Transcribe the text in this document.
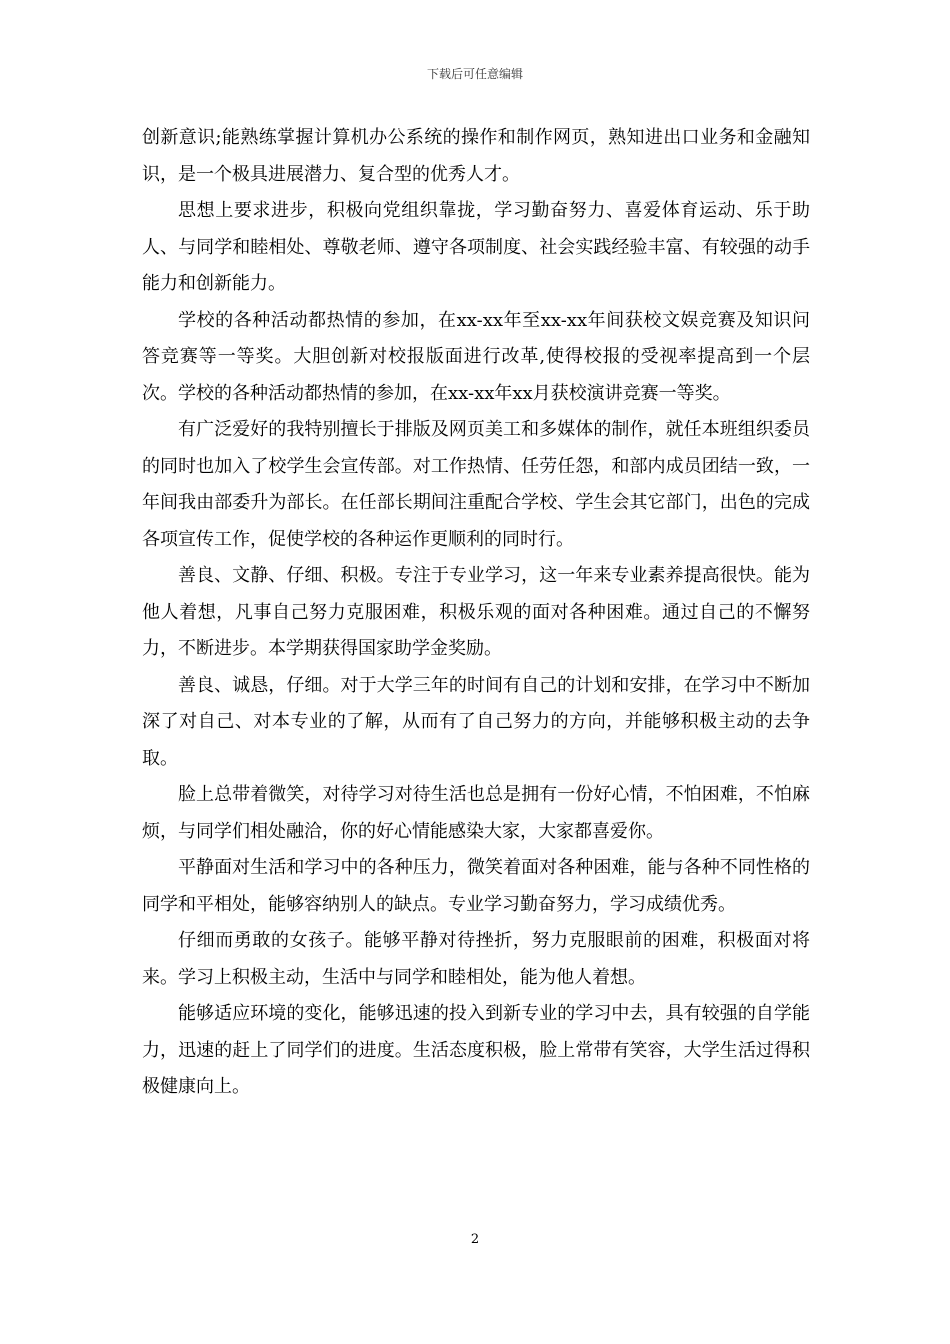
下载后可任意编辑

创新意识;能熟练掌握计算机办公系统的操作和制作网页，熟知进出口业务和金融知识，是一个极具进展潜力、复合型的优秀人才。

思想上要求进步，积极向党组织靠拢，学习勤奋努力、喜爱体育运动、乐于助人、与同学和睦相处、尊敬老师、遵守各项制度、社会实践经验丰富、有较强的动手能力和创新能力。

学校的各种活动都热情的参加，在xx-xx年至xx-xx年间获校文娱竞赛及知识问答竞赛等一等奖。大胆创新对校报版面进行改革,使得校报的受视率提高到一个层次。学校的各种活动都热情的参加，在xx-xx年xx月获校演讲竞赛一等奖。

有广泛爱好的我特别擅长于排版及网页美工和多媒体的制作，就任本班组织委员的同时也加入了校学生会宣传部。对工作热情、任劳任怨，和部内成员团结一致，一年间我由部委升为部长。在任部长期间注重配合学校、学生会其它部门，出色的完成各项宣传工作，促使学校的各种运作更顺利的同时行。

善良、文静、仔细、积极。专注于专业学习，这一年来专业素养提高很快。能为他人着想，凡事自己努力克服困难，积极乐观的面对各种困难。通过自己的不懈努力，不断进步。本学期获得国家助学金奖励。

善良、诚恳，仔细。对于大学三年的时间有自己的计划和安排，在学习中不断加深了对自己、对本专业的了解，从而有了自己努力的方向，并能够积极主动的去争取。

脸上总带着微笑，对待学习对待生活也总是拥有一份好心情，不怕困难，不怕麻烦，与同学们相处融洽，你的好心情能感染大家，大家都喜爱你。

平静面对生活和学习中的各种压力，微笑着面对各种困难，能与各种不同性格的同学和平相处，能够容纳别人的缺点。专业学习勤奋努力，学习成绩优秀。

仔细而勇敢的女孩子。能够平静对待挫折，努力克服眼前的困难，积极面对将来。学习上积极主动，生活中与同学和睦相处，能为他人着想。

能够适应环境的变化，能够迅速的投入到新专业的学习中去，具有较强的自学能力，迅速的赶上了同学们的进度。生活态度积极，脸上常带有笑容，大学生活过得积极健康向上。

2
